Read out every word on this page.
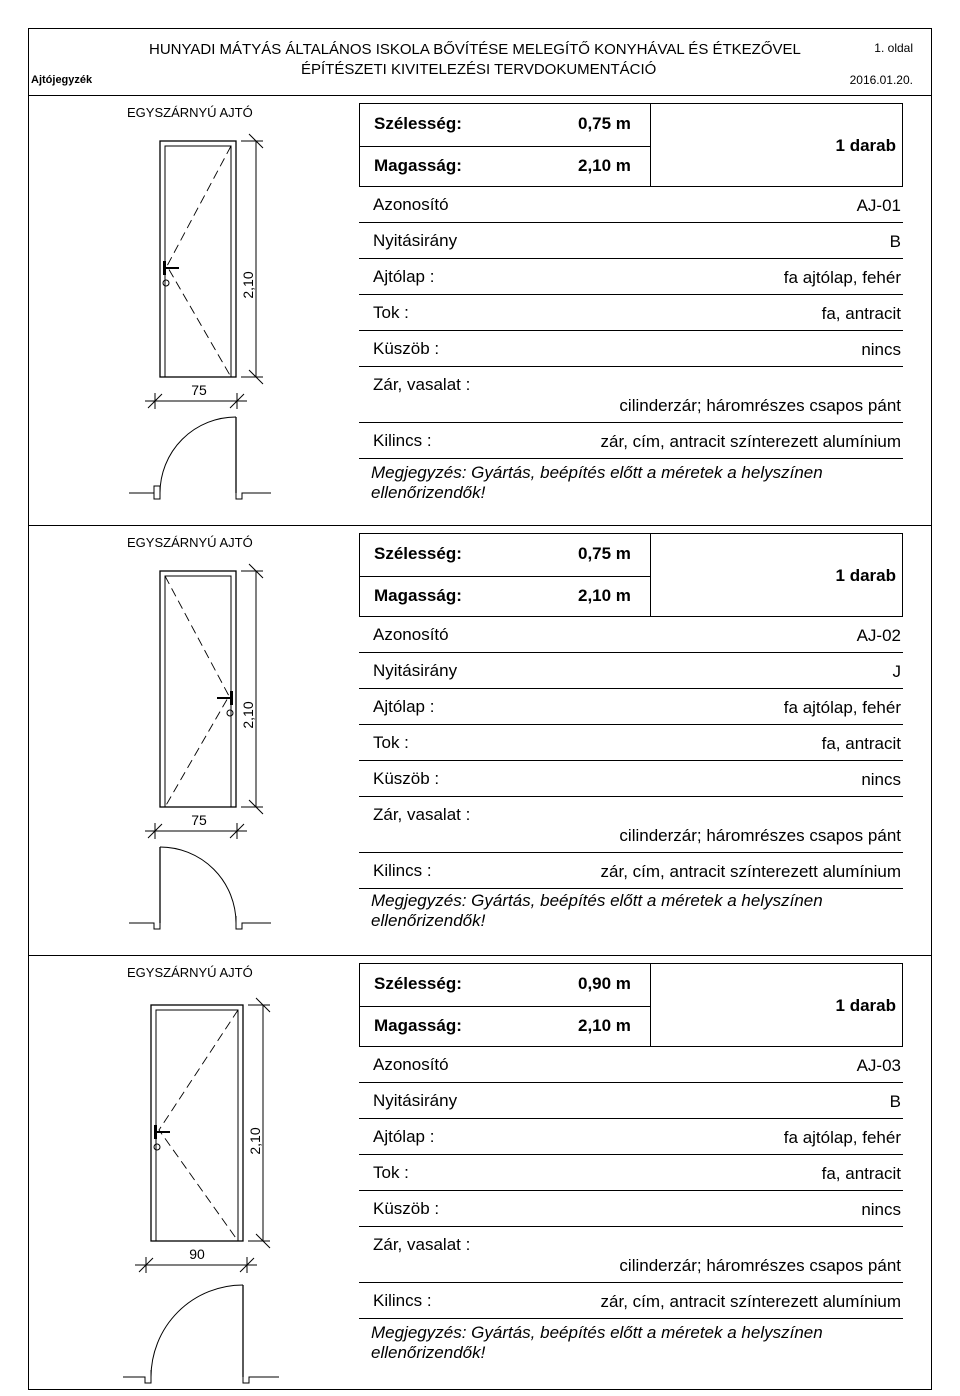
HUNYADI MÁTYÁS ÁLTALÁNOS ISKOLA BŐVÍTÉSE MELEGÍTŐ KONYHÁVAL ÉS ÉTKEZŐVEL
ÉPÍTÉSZETI KIVITELEZÉSI TERVDOKUMENTÁCIÓ
1. oldal
2016.01.20.
Ajtójegyzék
EGYSZÁRNYÚ AJTÓ
2,10
75
Szélesség:	0,75 m
Magasság:	2,10 m
1 darab
Azonosító	AJ-01
Nyitásirány	B
Ajtólap :	fa ajtólap, fehér
Tok :	fa, antracit
Küszöb :	nincs
Zár, vasalat :
cilinderzár; háromrészes csapos pánt
Kilincs :	zár, cím, antracit színterezett alumínium
Megjegyzés: Gyártás, beépítés előtt a méretek a helyszínen ellenőrizendők!
EGYSZÁRNYÚ AJTÓ
2,10
75
Szélesség:	0,75 m
Magasság:	2,10 m
1 darab
Azonosító	AJ-02
Nyitásirány	J
Ajtólap :	fa ajtólap, fehér
Tok :	fa, antracit
Küszöb :	nincs
Zár, vasalat :
cilinderzár; háromrészes csapos pánt
Kilincs :	zár, cím, antracit színterezett alumínium
Megjegyzés: Gyártás, beépítés előtt a méretek a helyszínen ellenőrizendők!
EGYSZÁRNYÚ AJTÓ
2,10
90
Szélesség:	0,90 m
Magasság:	2,10 m
1 darab
Azonosító	AJ-03
Nyitásirány	B
Ajtólap :	fa ajtólap, fehér
Tok :	fa, antracit
Küszöb :	nincs
Zár, vasalat :
cilinderzár; háromrészes csapos pánt
Kilincs :	zár, cím, antracit színterezett alumínium
Megjegyzés: Gyártás, beépítés előtt a méretek a helyszínen ellenőrizendők!
